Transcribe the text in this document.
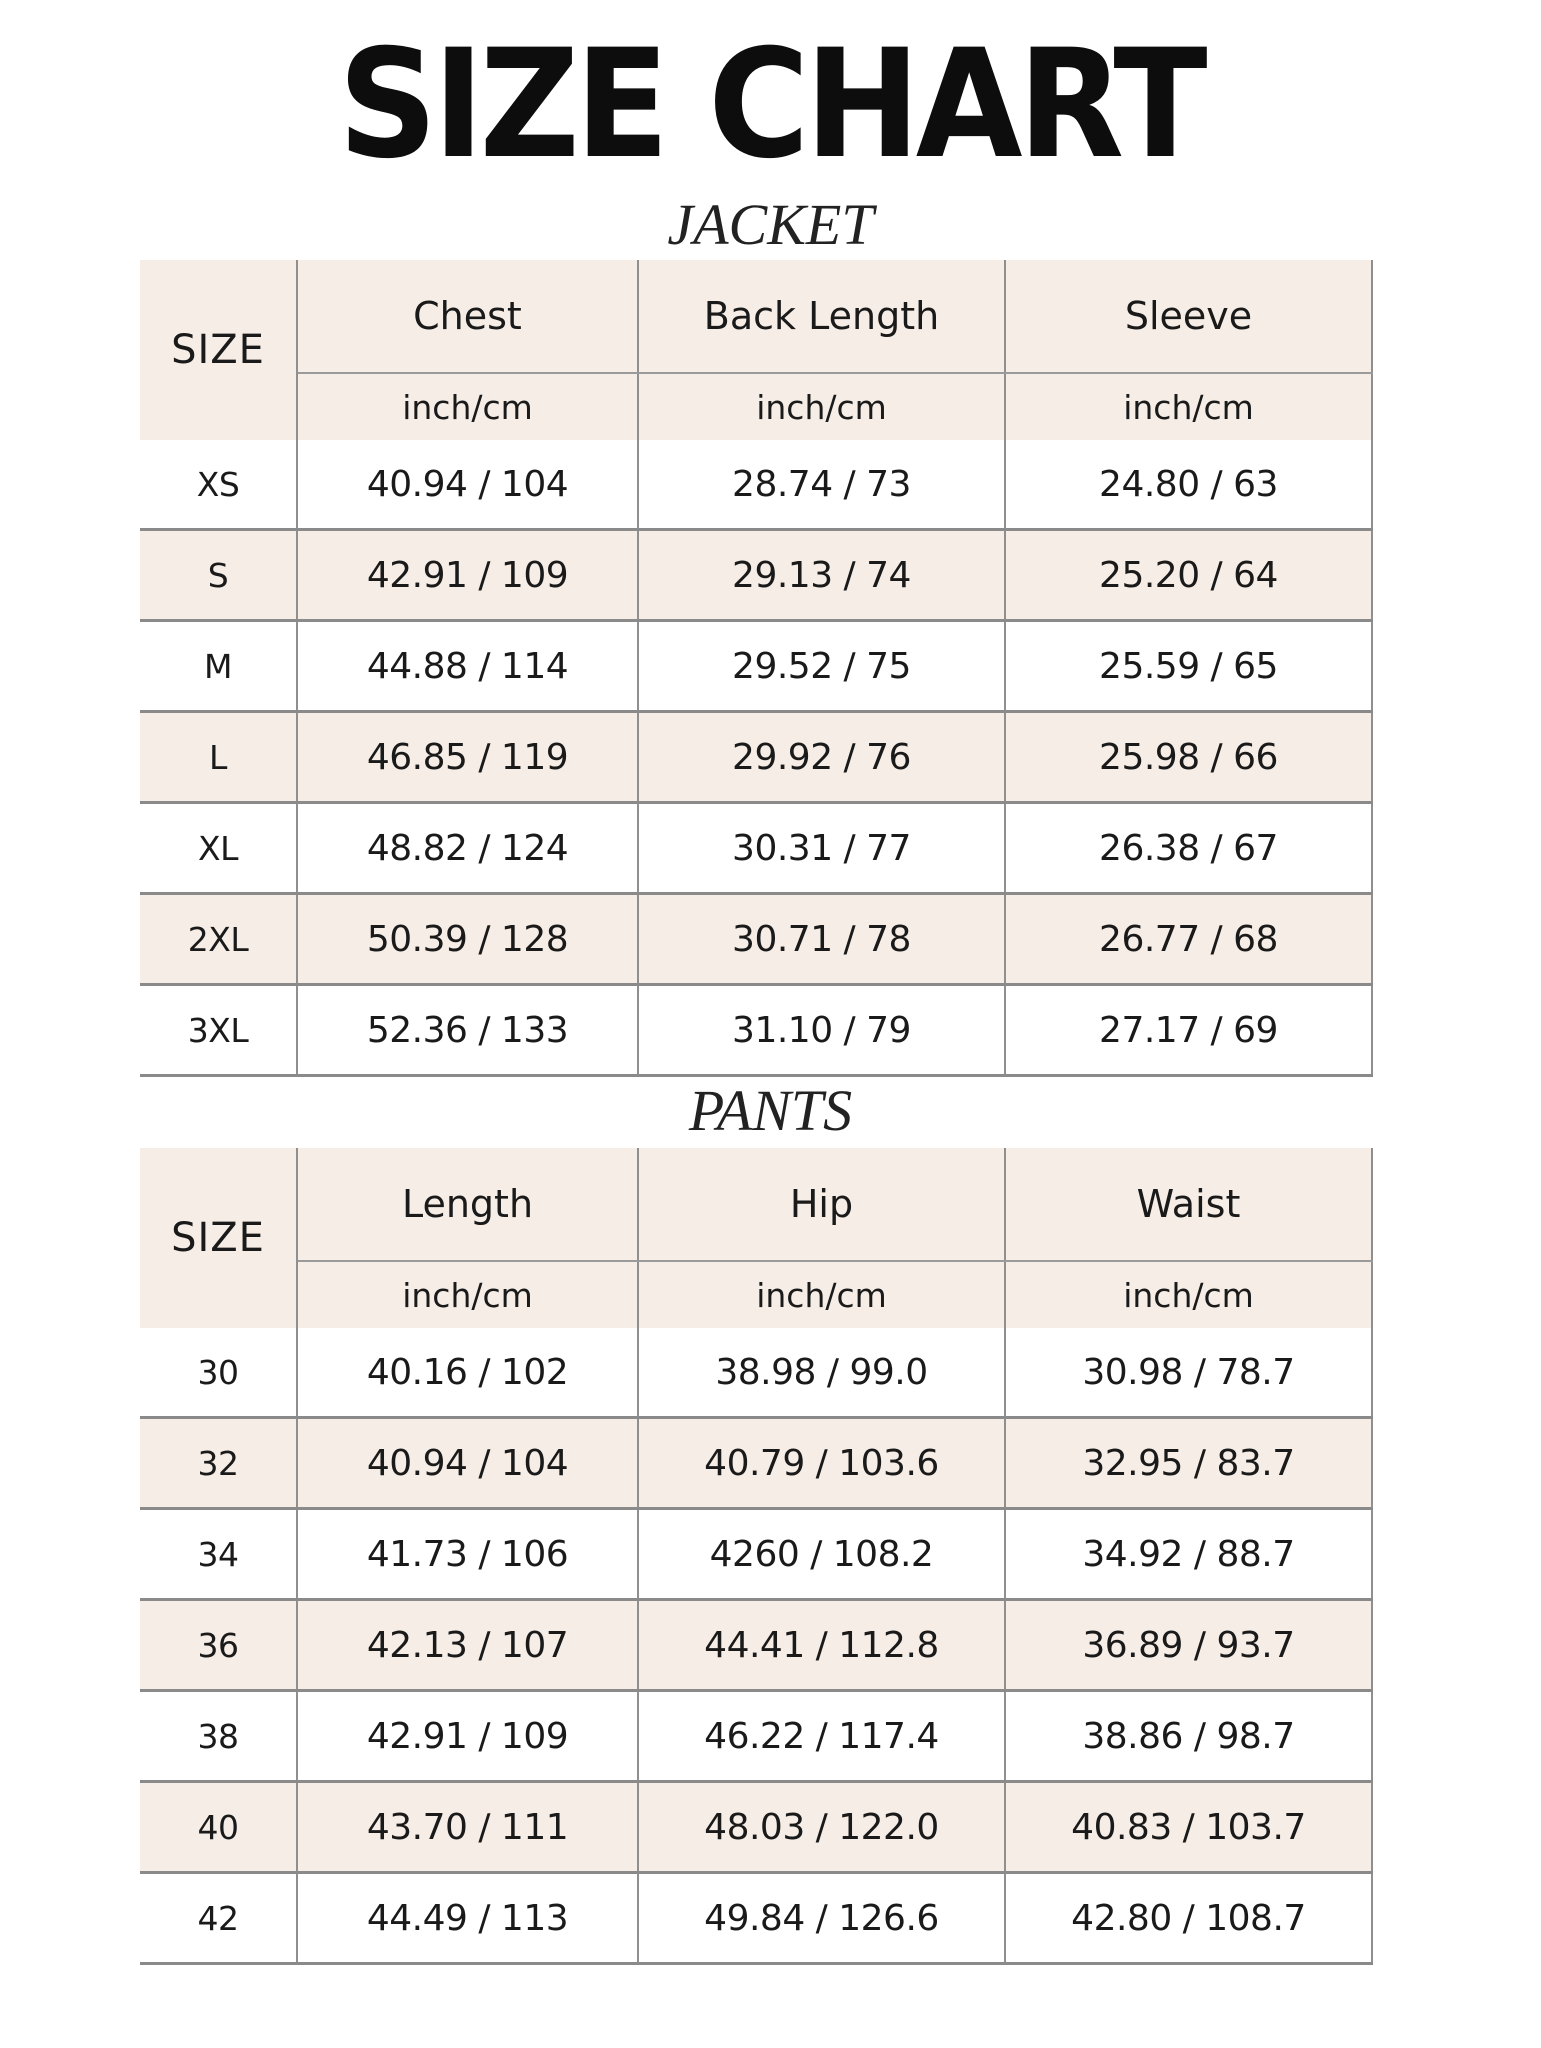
SIZE CHART
JACKET
SIZE	Chest	Back Length	Sleeve
	inch/cm	inch/cm	inch/cm
XS	40.94 / 104	28.74 / 73	24.80 / 63
S	42.91 / 109	29.13 / 74	25.20 / 64
M	44.88 / 114	29.52 / 75	25.59 / 65
L	46.85 / 119	29.92 / 76	25.98 / 66
XL	48.82 / 124	30.31 / 77	26.38 / 67
2XL	50.39 / 128	30.71 / 78	26.77 / 68
3XL	52.36 / 133	31.10 / 79	27.17 / 69
PANTS
SIZE	Length	Hip	Waist
	inch/cm	inch/cm	inch/cm
30	40.16 / 102	38.98 / 99.0	30.98 / 78.7
32	40.94 / 104	40.79 / 103.6	32.95 / 83.7
34	41.73 / 106	4260 / 108.2	34.92 / 88.7
36	42.13 / 107	44.41 / 112.8	36.89 / 93.7
38	42.91 / 109	46.22 / 117.4	38.86 / 98.7
40	43.70 / 111	48.03 / 122.0	40.83 / 103.7
42	44.49 / 113	49.84 / 126.6	42.80 / 108.7
